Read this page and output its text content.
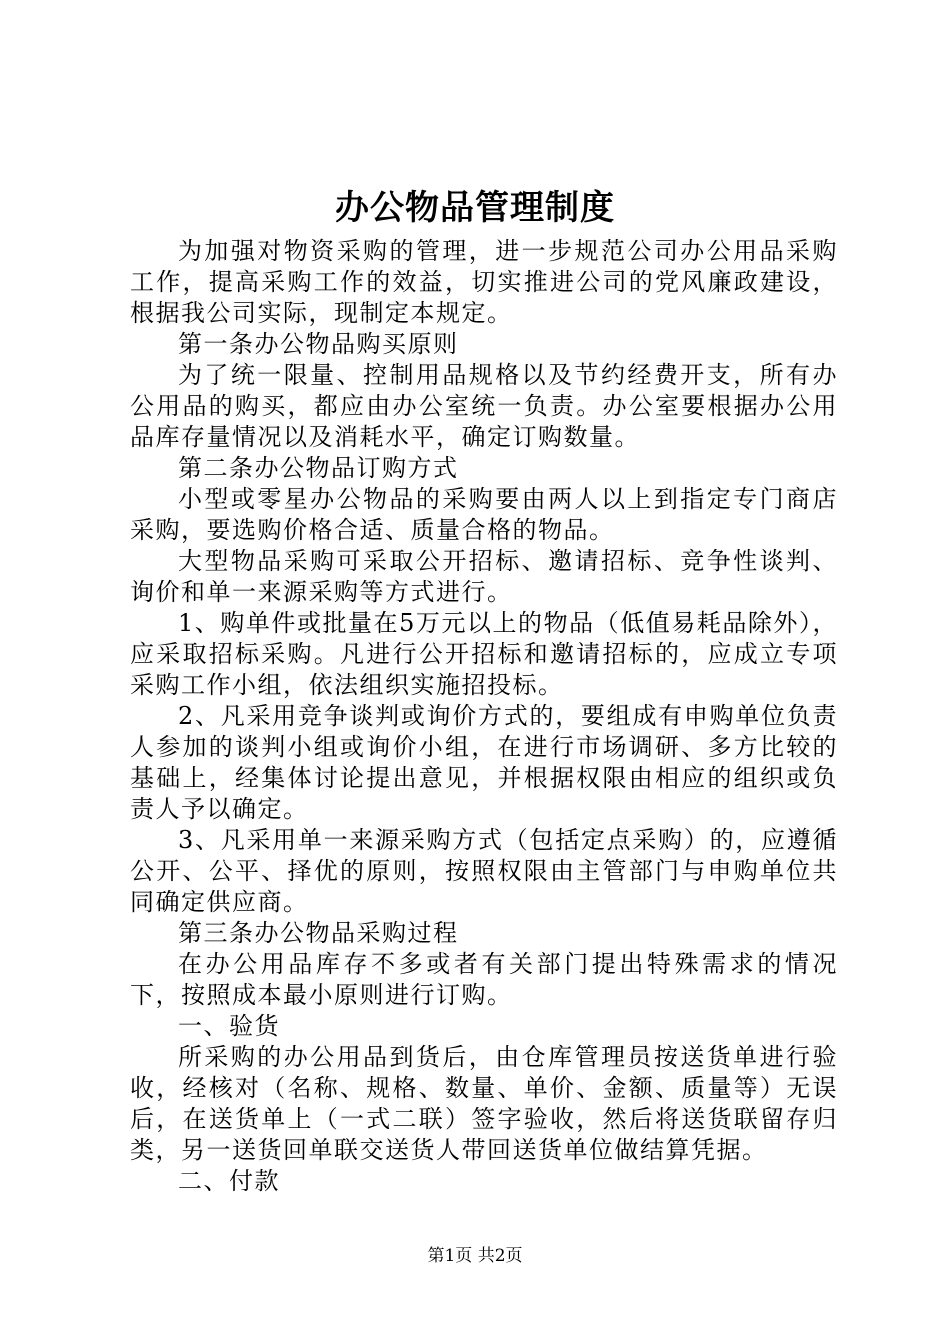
办公物品管理制度

为加强对物资采购的管理，进一步规范公司办公用品采购工作，提高采购工作的效益，切实推进公司的党风廉政建设，根据我公司实际，现制定本规定。

第一条办公物品购买原则

为了统一限量、控制用品规格以及节约经费开支，所有办公用品的购买，都应由办公室统一负责。办公室要根据办公用品库存量情况以及消耗水平，确定订购数量。

第二条办公物品订购方式

小型或零星办公物品的采购要由两人以上到指定专门商店采购，要选购价格合适、质量合格的物品。

大型物品采购可采取公开招标、邀请招标、竞争性谈判、询价和单一来源采购等方式进行。

1、购单件或批量在5万元以上的物品（低值易耗品除外），应采取招标采购。凡进行公开招标和邀请招标的，应成立专项采购工作小组，依法组织实施招投标。

2、凡采用竞争谈判或询价方式的，要组成有申购单位负责人参加的谈判小组或询价小组，在进行市场调研、多方比较的基础上，经集体讨论提出意见，并根据权限由相应的组织或负责人予以确定。

3、凡采用单一来源采购方式（包括定点采购）的，应遵循公开、公平、择优的原则，按照权限由主管部门与申购单位共同确定供应商。

第三条办公物品采购过程

在办公用品库存不多或者有关部门提出特殊需求的情况下，按照成本最小原则进行订购。

一、验货

所采购的办公用品到货后，由仓库管理员按送货单进行验收，经核对（名称、规格、数量、单价、金额、质量等）无误后，在送货单上（一式二联）签字验收，然后将送货联留存归类，另一送货回单联交送货人带回送货单位做结算凭据。

二、付款

第1页 共2页
